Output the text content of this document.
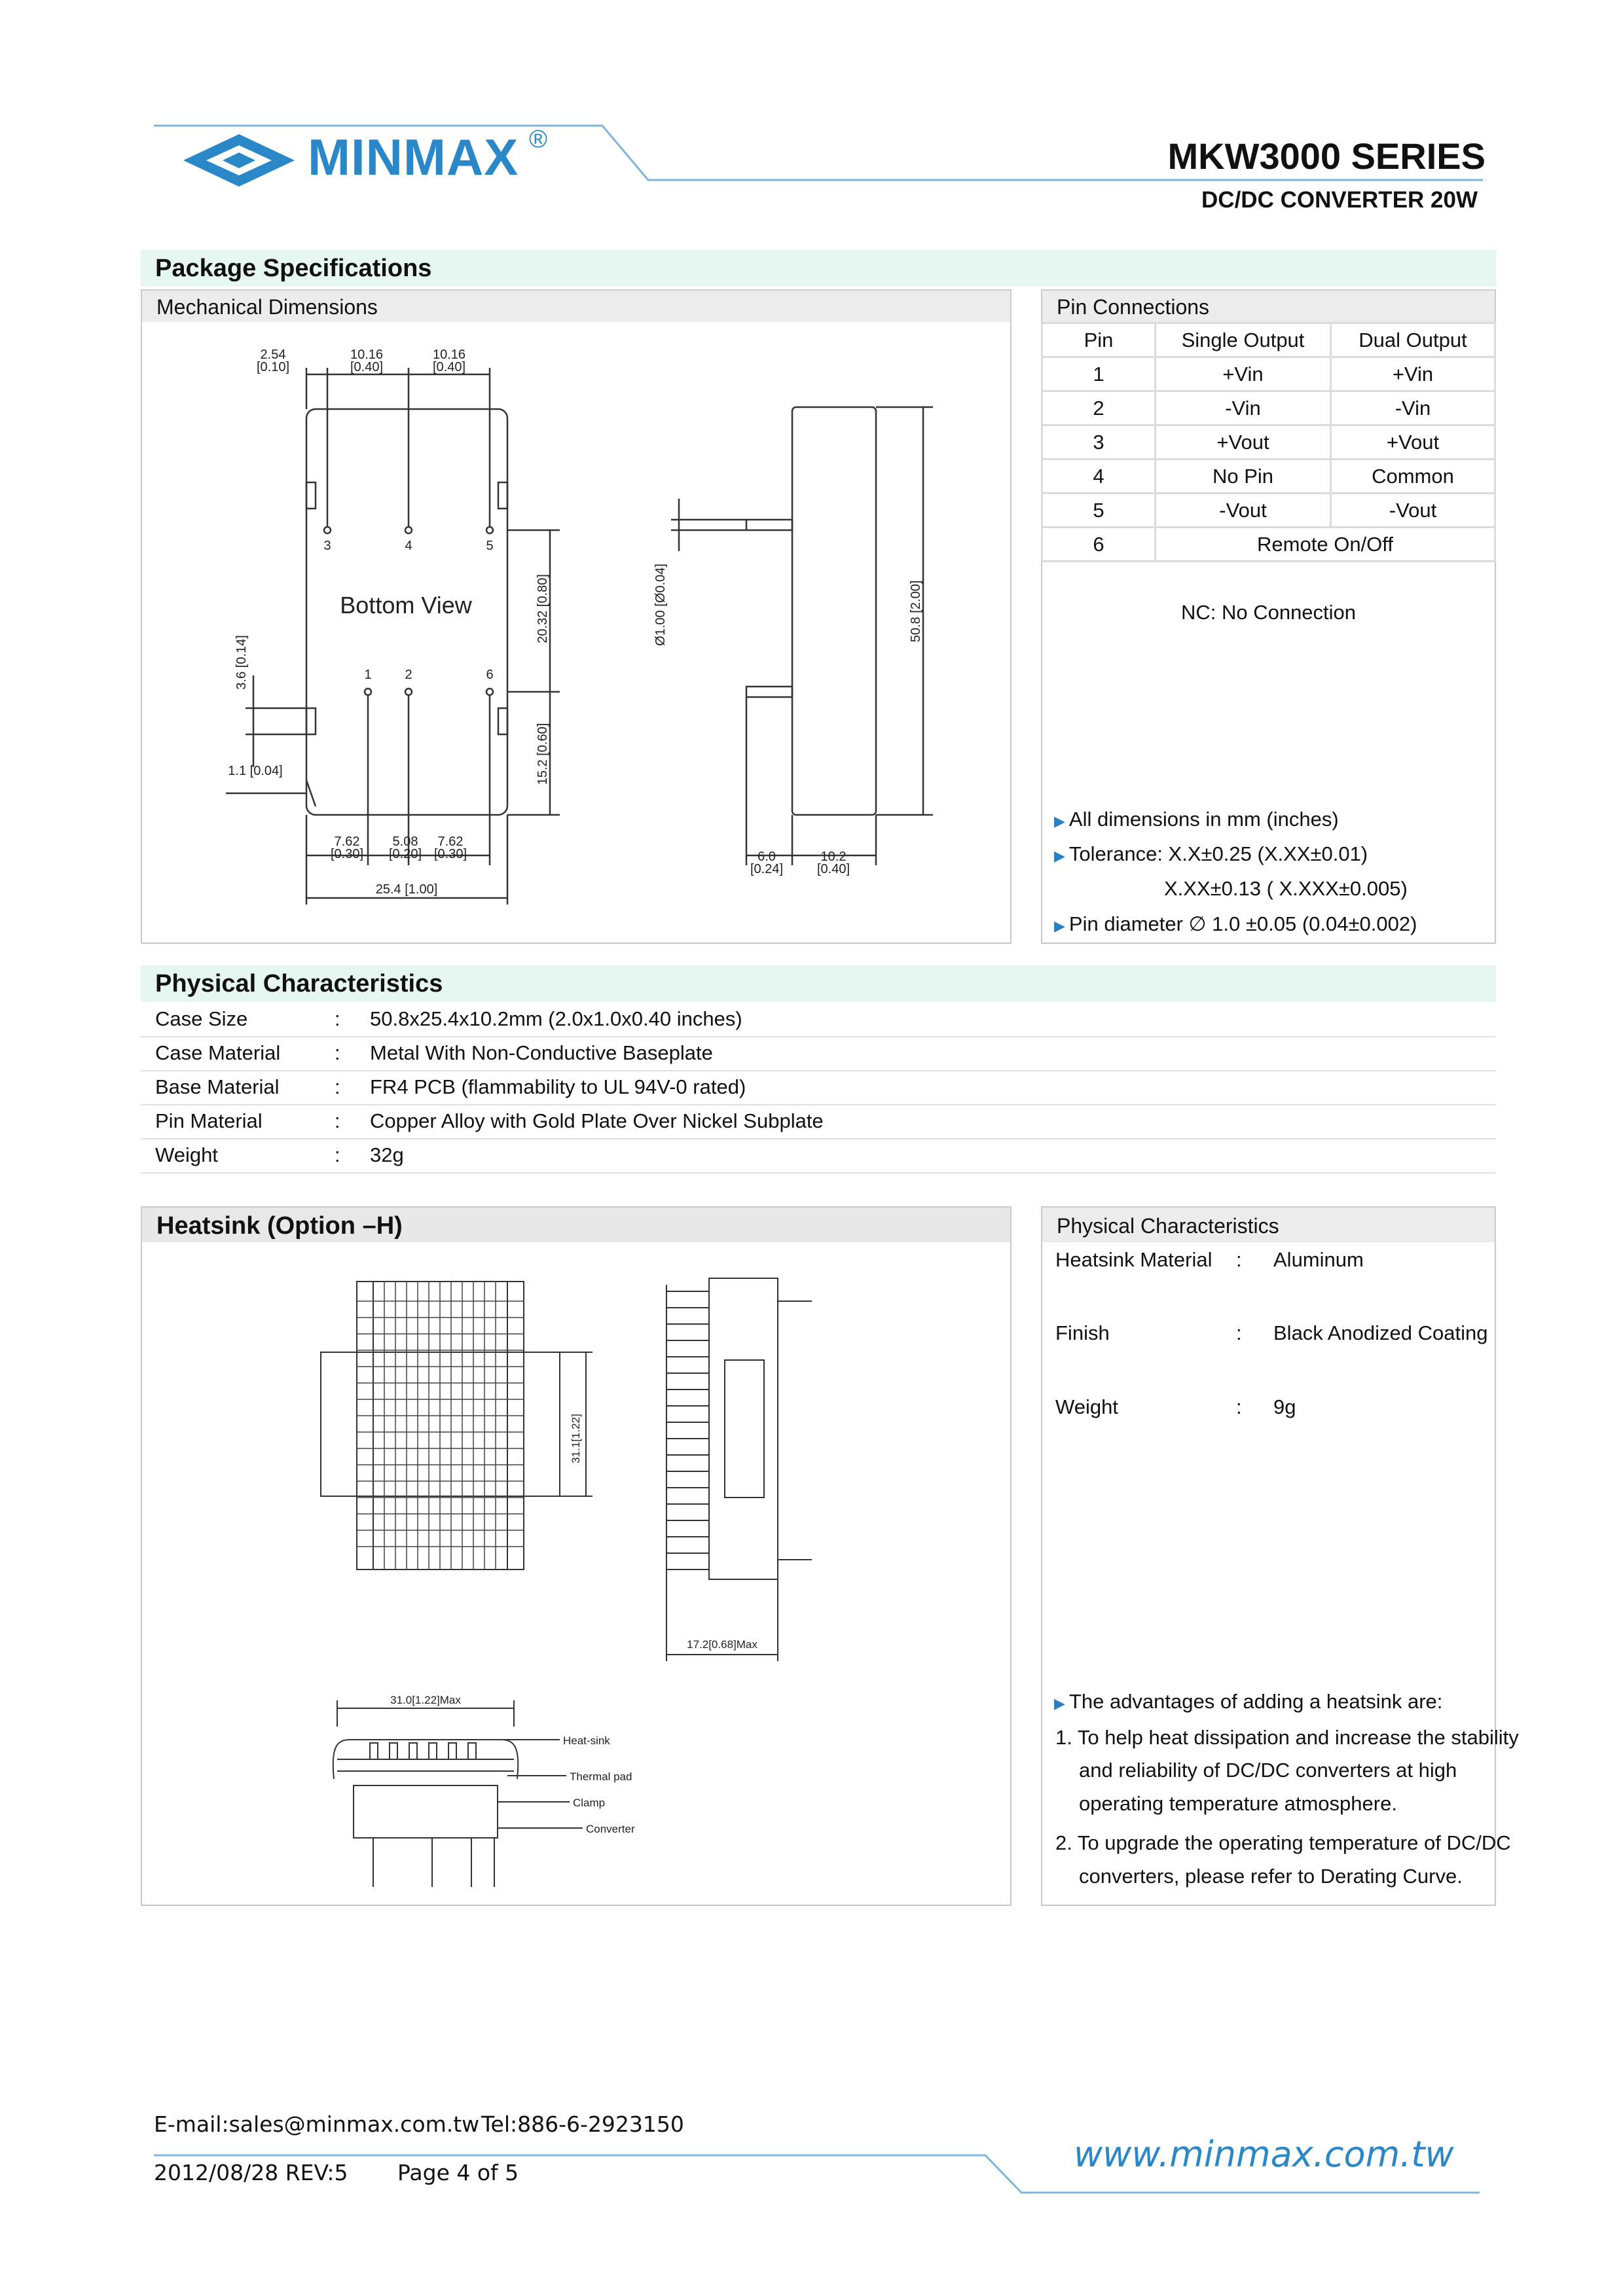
MINMAX ®	MKW3000 SERIES
DC/DC CONVERTER 20W
Package Specifications
Mechanical Dimensions
2.54
[0.10]
10.16
[0.40]
10.16
[0.40]
3	4	5
1	2	6
Bottom View
1.1 [0.04]
7.62
[0.30]
5.08
[0.20]
7.62
[0.30]
25.4 [1.00]
6.0
[0.24]
10.2
[0.40]
20.32 [0.80]
15.2 [0.60]
3.6 [0.14]
Ø1.00 [Ø0.04]	50.8 [2.00]
Pin Connections
Pin	Single Output	Dual Output
1	+Vin	+Vin
2	-Vin	-Vin
3	+Vout	+Vout
4	No Pin	Common
5	-Vout	-Vout
6	Remote On/Off	
NC: No Connection
▶ All dimensions in mm (inches)
▶ Tolerance: X.X±0.25 (X.XX±0.01)
X.XX±0.13 ( X.XXX±0.005)
▶ Pin diameter ∅ 1.0 ±0.05 (0.04±0.002)
Physical Characteristics
Case Size	: 50.8x25.4x10.2mm (2.0x1.0x0.40 inches)
Case Material	: Metal With Non-Conductive Baseplate
Base Material	: FR4 PCB (flammability to UL 94V-0 rated)
Pin Material	: Copper Alloy with Gold Plate Over Nickel Subplate
Weight	: 32g
Heatsink (Option –H)
31.1[1.22]
17.2[0.68]Max
31.0[1.22]Max
Heat-sink
Thermal pad
Clamp
Converter
Physical Characteristics
Heatsink Material : Aluminum
Finish	: Black Anodized Coating
Weight	: 9g
▶ The advantages of adding a heatsink are:
1. To help heat dissipation and increase the stability
and reliability of DC/DC converters at high
operating temperature atmosphere.
2. To upgrade the operating temperature of DC/DC
converters, please refer to Derating Curve.
E-mail:sales@minmax.com.tw Tel:886-6-2923150
2012/08/28 REV:5 Page 4 of 5	www.minmax.com.tw
